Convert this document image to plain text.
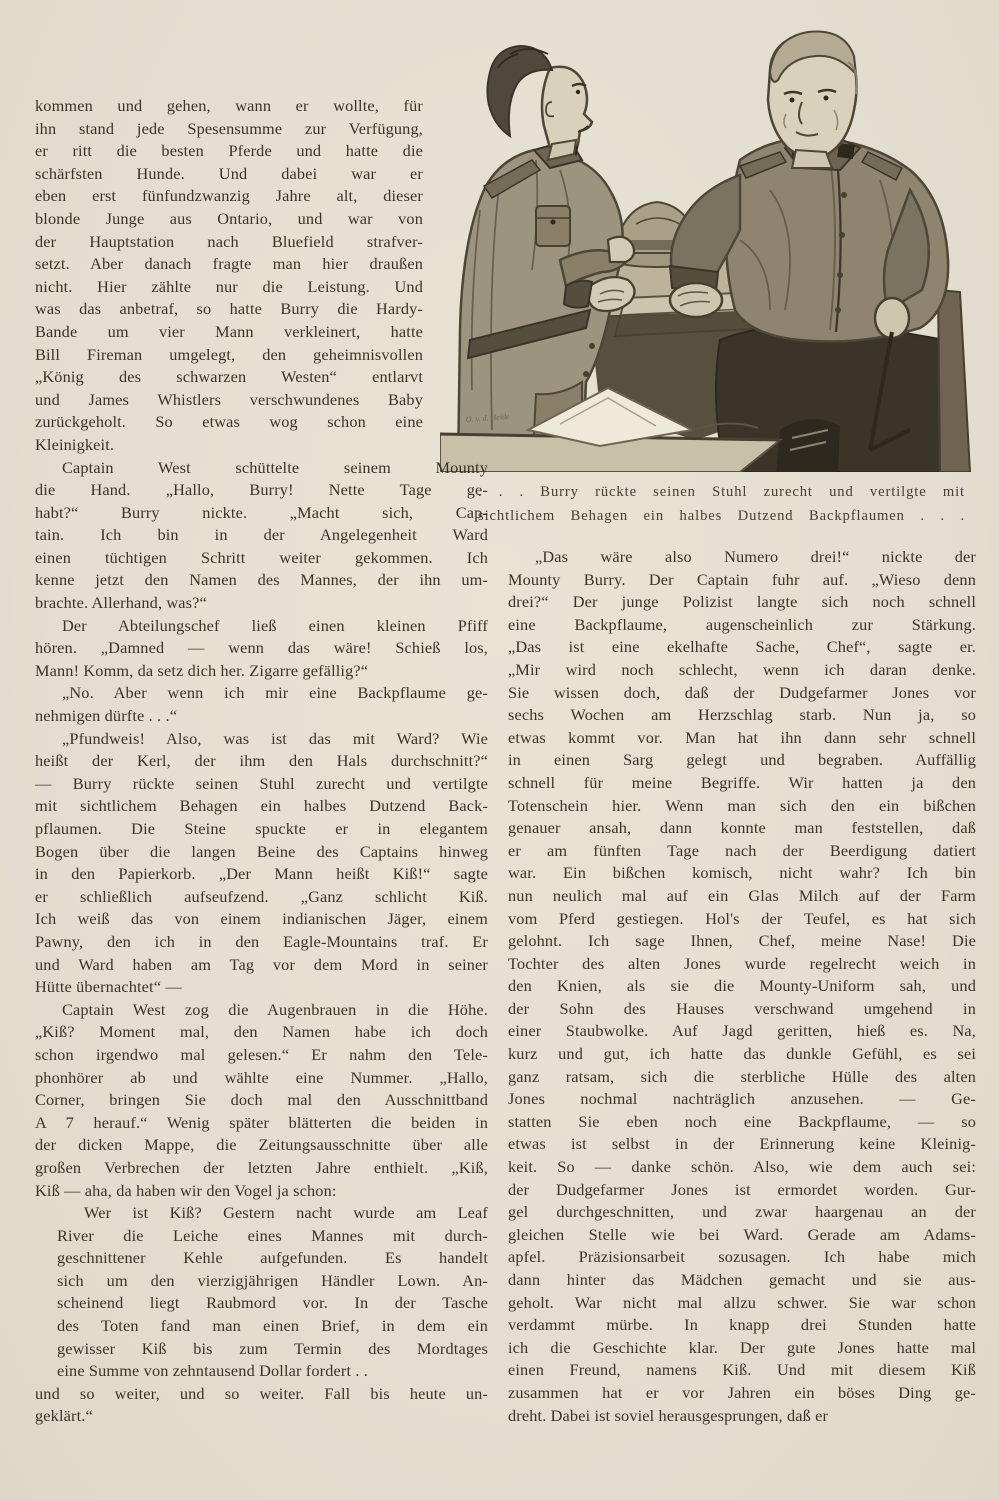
O. v. d. Heide
. . . Burry rückte seinen Stuhl zurecht und vertilgte mit
sichtlichem Behagen ein halbes Dutzend Backpflaumen . . .
kommen und gehen, wann er wollte, für
ihn stand jede Spesensumme zur Verfügung,
er ritt die besten Pferde und hatte die
schärfsten Hunde. Und dabei war er
eben erst fünfundzwanzig Jahre alt, dieser
blonde Junge aus Ontario, und war von
der Hauptstation nach Bluefield strafver-
setzt. Aber danach fragte man hier draußen
nicht. Hier zählte nur die Leistung. Und
was das anbetraf, so hatte Burry die Hardy-
Bande um vier Mann verkleinert, hatte
Bill Fireman umgelegt, den geheimnisvollen
„König des schwarzen Westen“ entlarvt
und James Whistlers verschwundenes Baby
zurückgeholt. So etwas wog schon eine
Kleinigkeit.
Captain West schüttelte seinem Mounty
die Hand. „Hallo, Burry! Nette Tage ge-
habt?“ Burry nickte. „Macht sich, Cap-
tain. Ich bin in der Angelegenheit Ward
einen tüchtigen Schritt weiter gekommen. Ich
kenne jetzt den Namen des Mannes, der ihn um-
brachte. Allerhand, was?“
Der Abteilungschef ließ einen kleinen Pfiff
hören. „Damned — wenn das wäre! Schieß los,
Mann! Komm, da setz dich her. Zigarre gefällig?“
„No. Aber wenn ich mir eine Backpflaume ge-
nehmigen dürfte . . .“
„Pfundweis! Also, was ist das mit Ward? Wie
heißt der Kerl, der ihm den Hals durchschnitt?“
— Burry rückte seinen Stuhl zurecht und vertilgte
mit sichtlichem Behagen ein halbes Dutzend Back-
pflaumen. Die Steine spuckte er in elegantem
Bogen über die langen Beine des Captains hinweg
in den Papierkorb. „Der Mann heißt Kiß!“ sagte
er schließlich aufseufzend. „Ganz schlicht Kiß.
Ich weiß das von einem indianischen Jäger, einem
Pawny, den ich in den Eagle-Mountains traf. Er
und Ward haben am Tag vor dem Mord in seiner
Hütte übernachtet“ —
Captain West zog die Augenbrauen in die Höhe.
„Kiß? Moment mal, den Namen habe ich doch
schon irgendwo mal gelesen.“ Er nahm den Tele-
phonhörer ab und wählte eine Nummer. „Hallo,
Corner, bringen Sie doch mal den Ausschnittband
A 7 herauf.“ Wenig später blätterten die beiden in
der dicken Mappe, die Zeitungsausschnitte über alle
großen Verbrechen der letzten Jahre enthielt. „Kiß,
Kiß — aha, da haben wir den Vogel ja schon:
Wer ist Kiß? Gestern nacht wurde am Leaf
River die Leiche eines Mannes mit durch-
geschnittener Kehle aufgefunden. Es handelt
sich um den vierzigjährigen Händler Lown. An-
scheinend liegt Raubmord vor. In der Tasche
des Toten fand man einen Brief, in dem ein
gewisser Kiß bis zum Termin des Mordtages
eine Summe von zehntausend Dollar fordert . .
und so weiter, und so weiter. Fall bis heute un-
geklärt.“
„Das wäre also Numero drei!“ nickte der
Mounty Burry. Der Captain fuhr auf. „Wieso denn
drei?“ Der junge Polizist langte sich noch schnell
eine Backpflaume, augenscheinlich zur Stärkung.
„Das ist eine ekelhafte Sache, Chef“, sagte er.
„Mir wird noch schlecht, wenn ich daran denke.
Sie wissen doch, daß der Dudgefarmer Jones vor
sechs Wochen am Herzschlag starb. Nun ja, so
etwas kommt vor. Man hat ihn dann sehr schnell
in einen Sarg gelegt und begraben. Auffällig
schnell für meine Begriffe. Wir hatten ja den
Totenschein hier. Wenn man sich den ein bißchen
genauer ansah, dann konnte man feststellen, daß
er am fünften Tage nach der Beerdigung datiert
war. Ein bißchen komisch, nicht wahr? Ich bin
nun neulich mal auf ein Glas Milch auf der Farm
vom Pferd gestiegen. Hol's der Teufel, es hat sich
gelohnt. Ich sage Ihnen, Chef, meine Nase! Die
Tochter des alten Jones wurde regelrecht weich in
den Knien, als sie die Mounty-Uniform sah, und
der Sohn des Hauses verschwand umgehend in
einer Staubwolke. Auf Jagd geritten, hieß es. Na,
kurz und gut, ich hatte das dunkle Gefühl, es sei
ganz ratsam, sich die sterbliche Hülle des alten
Jones nochmal nachträglich anzusehen. — Ge-
statten Sie eben noch eine Backpflaume, — so
etwas ist selbst in der Erinnerung keine Kleinig-
keit. So — danke schön. Also, wie dem auch sei:
der Dudgefarmer Jones ist ermordet worden. Gur-
gel durchgeschnitten, und zwar haargenau an der
gleichen Stelle wie bei Ward. Gerade am Adams-
apfel. Präzisionsarbeit sozusagen. Ich habe mich
dann hinter das Mädchen gemacht und sie aus-
geholt. War nicht mal allzu schwer. Sie war schon
verdammt mürbe. In knapp drei Stunden hatte
ich die Geschichte klar. Der gute Jones hatte mal
einen Freund, namens Kiß. Und mit diesem Kiß
zusammen hat er vor Jahren ein böses Ding ge-
dreht. Dabei ist soviel herausgesprungen, daß er
